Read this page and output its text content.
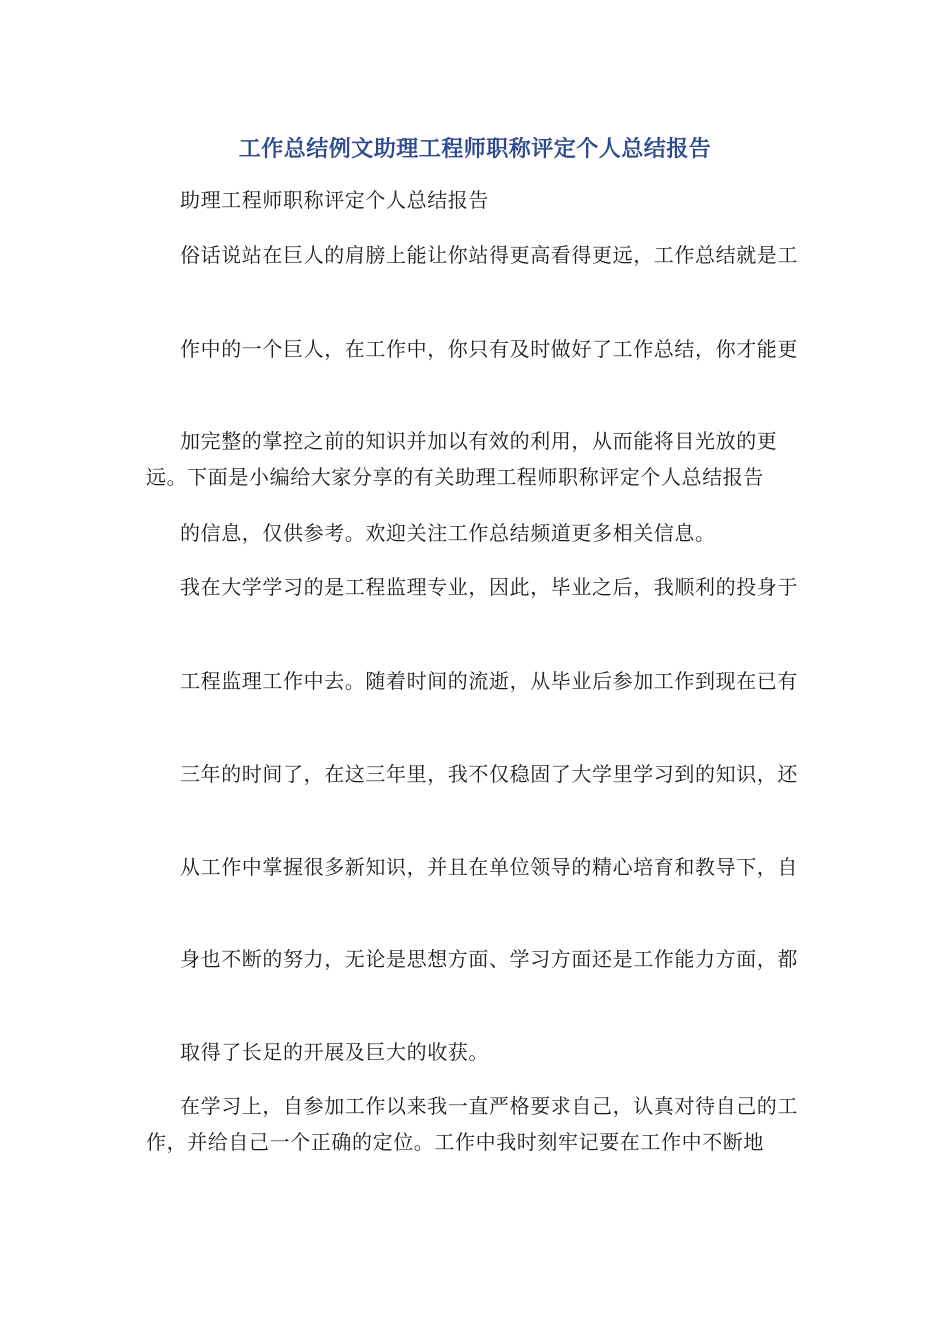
工作总结例文助理工程师职称评定个人总结报告

助理工程师职称评定个人总结报告

俗话说站在巨人的肩膀上能让你站得更高看得更远，工作总结就是工

作中的一个巨人，在工作中，你只有及时做好了工作总结，你才能更

加完整的掌控之前的知识并加以有效的利用，从而能将目光放的更远。下面是小编给大家分享的有关助理工程师职称评定个人总结报告

的信息，仅供参考。欢迎关注工作总结频道更多相关信息。

我在大学学习的是工程监理专业，因此，毕业之后，我顺利的投身于

工程监理工作中去。随着时间的流逝，从毕业后参加工作到现在已有

三年的时间了，在这三年里，我不仅稳固了大学里学习到的知识，还

从工作中掌握很多新知识，并且在单位领导的精心培育和教导下，自

身也不断的努力，无论是思想方面、学习方面还是工作能力方面，都

取得了长足的开展及巨大的收获。

在学习上，自参加工作以来我一直严格要求自己，认真对待自己的工作，并给自己一个正确的定位。工作中我时刻牢记要在工作中不断地
